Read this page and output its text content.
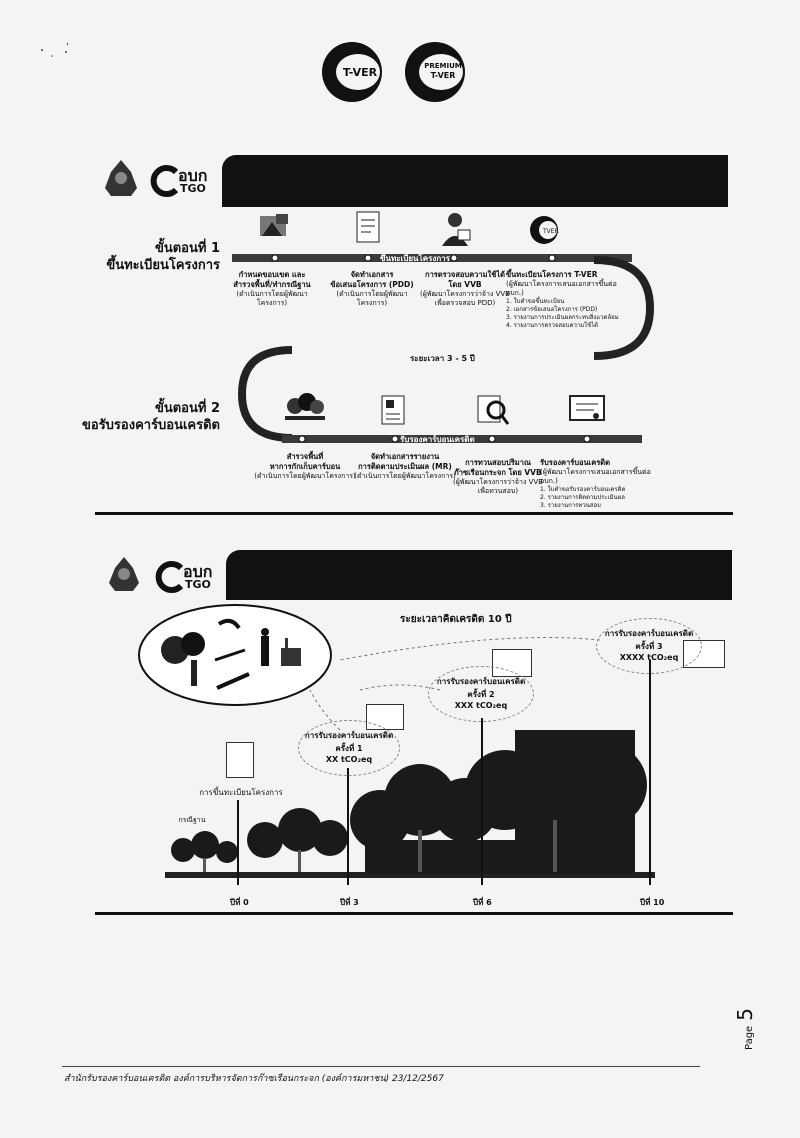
T-VER	PREMIUM
T-VER
อบก
TGO
ขั้นตอนที่ 1
ขึ้นทะเบียนโครงการ
TVER
ขึ้นทะเบียนโครงการ
กำหนดขอบเขต และ
สำรวจพื้นที่/ทำกรณีฐาน
(ดำเนินการโดยผู้พัฒนาโครงการ)
จัดทำเอกสาร
ข้อเสนอโครงการ (PDD)
(ดำเนินการโดยผู้พัฒนาโครงการ)
การตรวจสอบความใช้ได้
โดย VVB
(ผู้พัฒนาโครงการว่าจ้าง VVB
เพื่อตรวจสอบ PDD)
ขึ้นทะเบียนโครงการ T-VER
(ผู้พัฒนาโครงการเสนอเอกสารขึ้นต่อ อบก.)
1. ใบคำขอขึ้นทะเบียน
2. เอกสารข้อเสนอโครงการ (PDD)
3. รายงานการประเมินผลกระทบสิ่งแวดล้อม
4. รายงานการตรวจสอบความใช้ได้
ระยะเวลา 3 - 5 ปี
ขั้นตอนที่ 2
ขอรับรองคาร์บอนเครดิต
รับรองคาร์บอนเครดิต
สำรวจพื้นที่
หาการกักเก็บคาร์บอน
(ดำเนินการโดยผู้พัฒนาโครงการ)
จัดทำเอกสารรายงาน
การติดตามประเมินผล (MR)
(ดำเนินการโดยผู้พัฒนาโครงการ)
การทวนสอบปริมาณ
ก๊าซเรือนกระจก โดย VVB
(ผู้พัฒนาโครงการว่าจ้าง VVB
เพื่อทวนสอบ)
รับรองคาร์บอนเครดิต
(ผู้พัฒนาโครงการเสนอเอกสารขึ้นต่อ อบก.)
1. ใบคำขอรับรองคาร์บอนเครดิต
2. รายงานการติดตามประเมินผล
3. รายงานการทวนสอบ
อบก
TGO
ระยะเวลาคิดเครดิต 10 ปี
การรับรองคาร์บอนเครดิต
ครั้งที่ 1
XX tCO₂eq
การรับรองคาร์บอนเครดิต
ครั้งที่ 2
XXX tCO₂eq
การรับรองคาร์บอนเครดิต
ครั้งที่ 3
XXXX tCO₂eq
การขึ้นทะเบียนโครงการ
กรณีฐาน
ปีที่ 0	ปีที่ 3	ปีที่ 6	ปีที่ 10
Page 5
สำนักรับรองคาร์บอนเครดิต องค์การบริหารจัดการก๊าซเรือนกระจก (องค์การมหาชน) 23/12/2567
